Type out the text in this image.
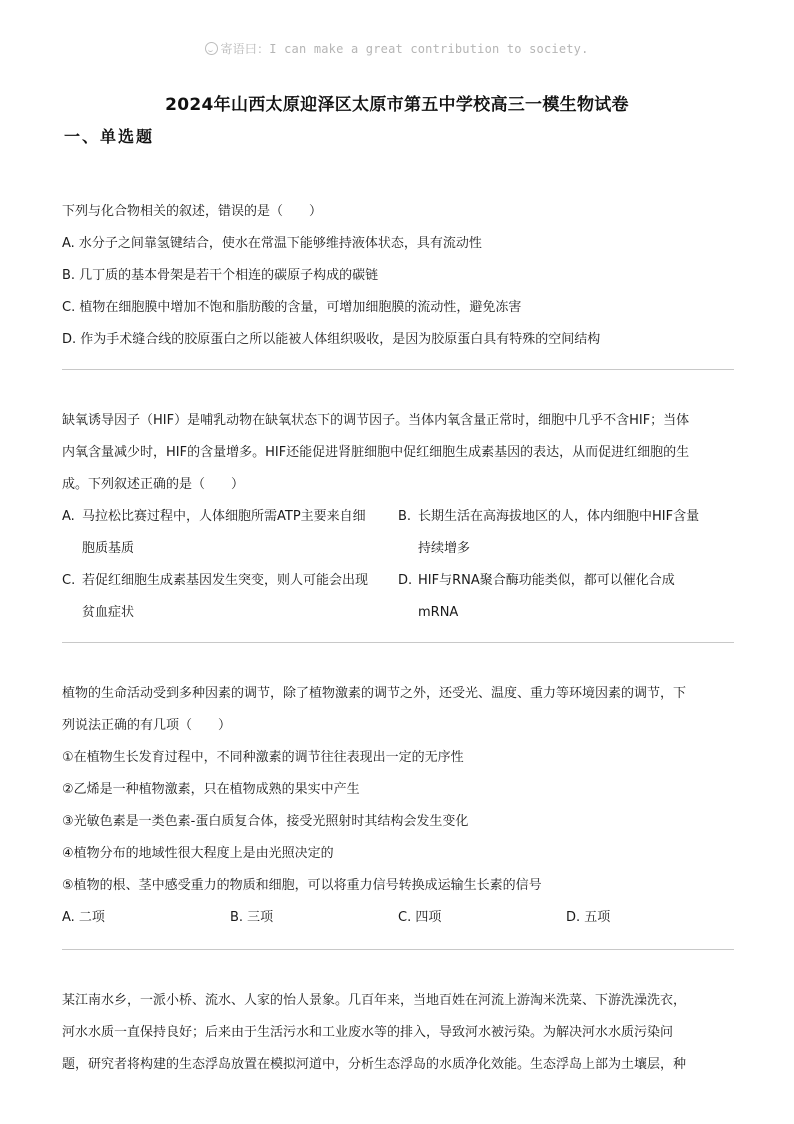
寄语曰：I can make a great contribution to society.
2024年山西太原迎泽区太原市第五中学校高三一模生物试卷
一、单选题
下列与化合物相关的叙述，错误的是（　　）
A. 水分子之间靠氢键结合，使水在常温下能够维持液体状态，具有流动性
B. 几丁质的基本骨架是若干个相连的碳原子构成的碳链
C. 植物在细胞膜中增加不饱和脂肪酸的含量，可增加细胞膜的流动性，避免冻害
D. 作为手术缝合线的胶原蛋白之所以能被人体组织吸收，是因为胶原蛋白具有特殊的空间结构
缺氧诱导因子（HIF）是哺乳动物在缺氧状态下的调节因子。当体内氧含量正常时，细胞中几乎不含HIF；当体
内氧含量减少时，HIF的含量增多。HIF还能促进肾脏细胞中促红细胞生成素基因的表达，从而促进红细胞的生
成。下列叙述正确的是（　　）
A. 马拉松比赛过程中，人体细胞所需ATP主要来自细
胞质基质
B. 长期生活在高海拔地区的人，体内细胞中HIF含量
持续增多
C. 若促红细胞生成素基因发生突变，则人可能会出现
贫血症状
D. HIF与RNA聚合酶功能类似，都可以催化合成
mRNA
植物的生命活动受到多种因素的调节，除了植物激素的调节之外，还受光、温度、重力等环境因素的调节，下
列说法正确的有几项（　　）
①在植物生长发育过程中，不同种激素的调节往往表现出一定的无序性
②乙烯是一种植物激素，只在植物成熟的果实中产生
③光敏色素是一类色素-蛋白质复合体，接受光照射时其结构会发生变化
④植物分布的地域性很大程度上是由光照决定的
⑤植物的根、茎中感受重力的物质和细胞，可以将重力信号转换成运输生长素的信号
A. 二项	B. 三项	C. 四项	D. 五项
某江南水乡，一派小桥、流水、人家的怡人景象。几百年来，当地百姓在河流上游淘米洗菜、下游洗澡洗衣，
河水水质一直保持良好；后来由于生活污水和工业废水等的排入，导致河水被污染。为解决河水水质污染问
题，研究者将构建的生态浮岛放置在模拟河道中，分析生态浮岛的水质净化效能。生态浮岛上部为土壤层，种
